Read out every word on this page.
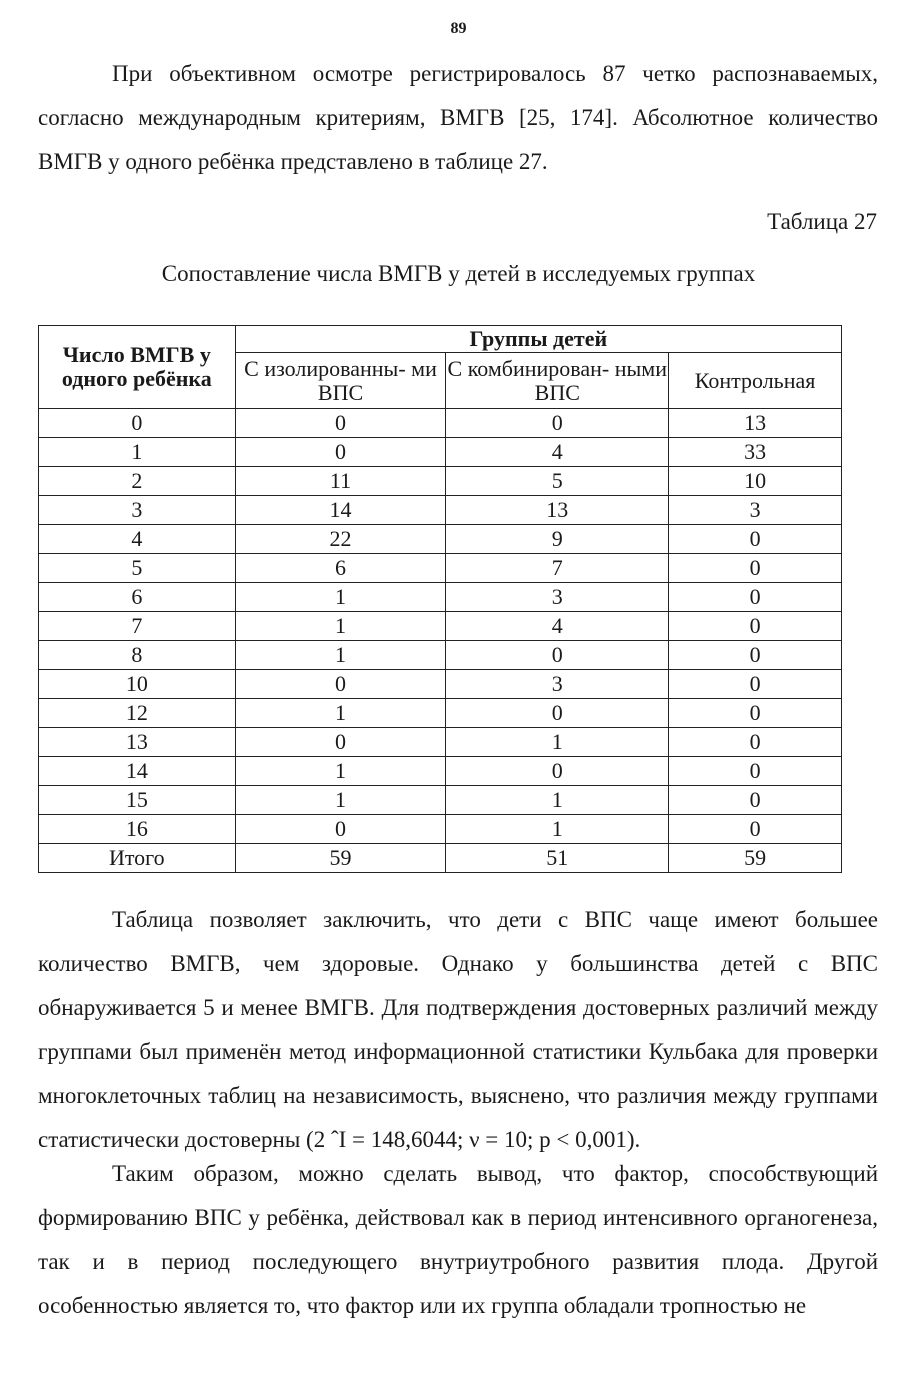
89

При объективном осмотре регистрировалось 87 четко распознаваемых, согласно международным критериям, ВМГВ [25, 174]. Абсолютное количество ВМГВ у одного ребёнка представлено в таблице 27.

Таблица 27
Сопоставление числа ВМГВ у детей в исследуемых группах
Число ВМГВ у одного ребёнка	Группы детей		
	С изолированны- ми ВПС	С комбинирован- ными ВПС	Контрольная
0	0	0	13
1	0	4	33
2	11	5	10
3	14	13	3
4	22	9	0
5	6	7	0
6	1	3	0
7	1	4	0
8	1	0	0
10	0	3	0
12	1	0	0
13	0	1	0
14	1	0	0
15	1	1	0
16	0	1	0
Итого	59	51	59

Таблица позволяет заключить, что дети с ВПС чаще имеют большее количество ВМГВ, чем здоровые. Однако у большинства детей с ВПС обнаруживается 5 и менее ВМГВ. Для подтверждения достоверных различий между группами был применён метод информационной статистики Кульбака для проверки многоклеточных таблиц на независимость, выяснено, что различия между группами статистически достоверны (2 ˆI = 148,6044; ν = 10; p < 0,001).

Таким образом, можно сделать вывод, что фактор, способствующий формированию ВПС у ребёнка, действовал как в период интенсивного органогенеза, так и в период последующего внутриутробного развития плода. Другой особенностью является то, что фактор или их группа обладали тропностью не
